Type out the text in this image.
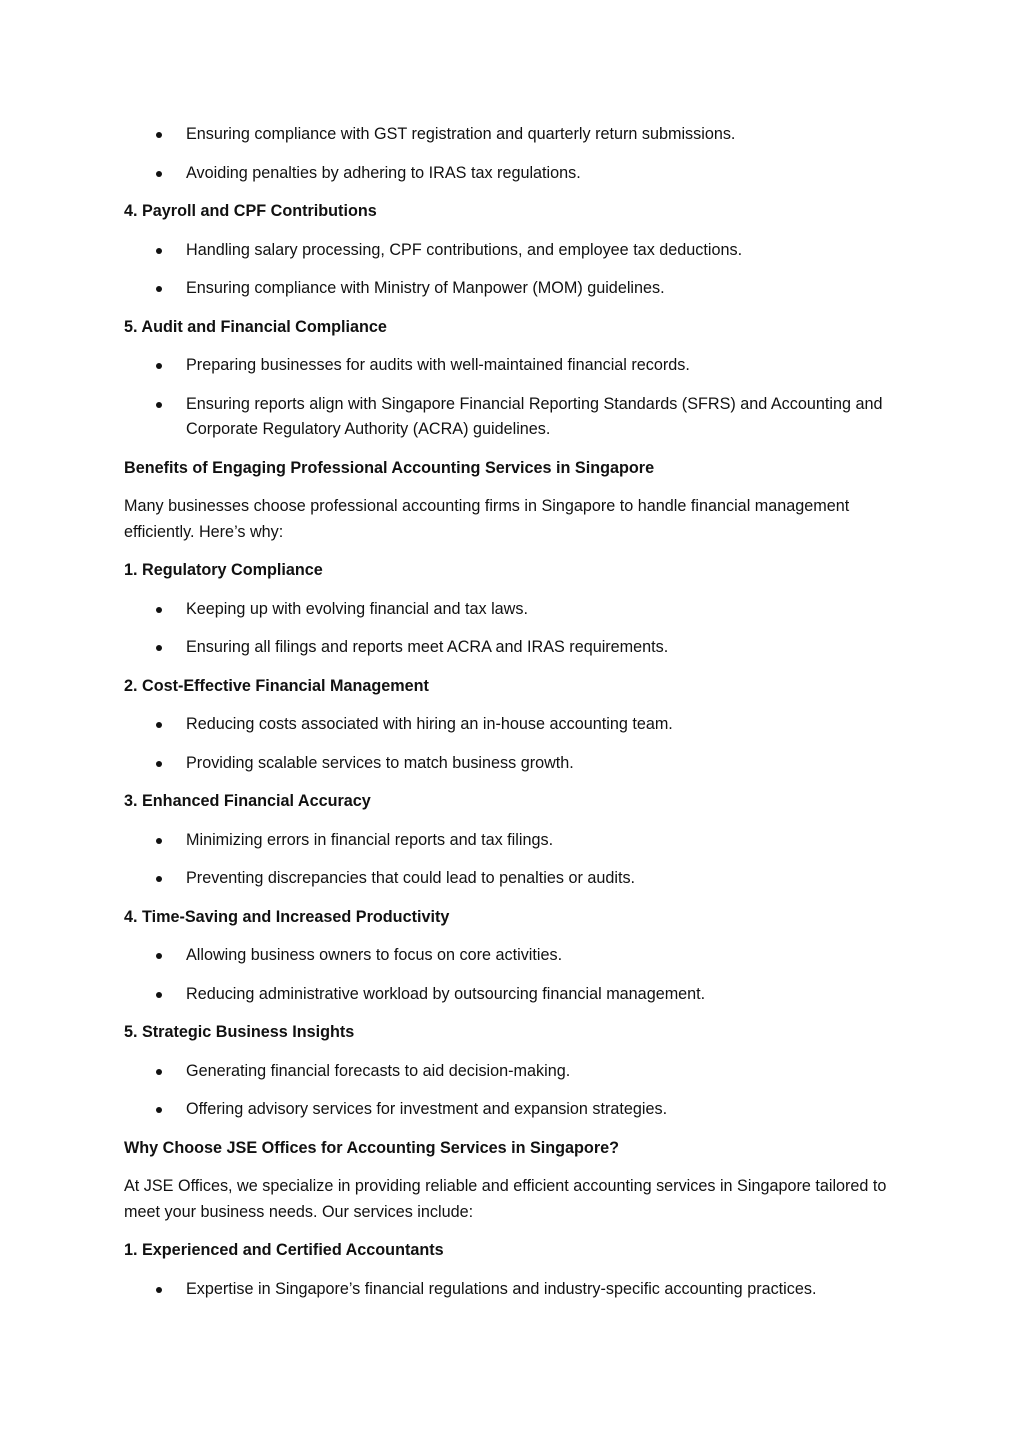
Ensuring compliance with GST registration and quarterly return submissions.
Avoiding penalties by adhering to IRAS tax regulations.

4. Payroll and CPF Contributions

Handling salary processing, CPF contributions, and employee tax deductions.
Ensuring compliance with Ministry of Manpower (MOM) guidelines.

5. Audit and Financial Compliance

Preparing businesses for audits with well-maintained financial records.
Ensuring reports align with Singapore Financial Reporting Standards (SFRS) and Accounting and Corporate Regulatory Authority (ACRA) guidelines.

Benefits of Engaging Professional Accounting Services in Singapore

Many businesses choose professional accounting firms in Singapore to handle financial management efficiently. Here’s why:

1. Regulatory Compliance

Keeping up with evolving financial and tax laws.
Ensuring all filings and reports meet ACRA and IRAS requirements.

2. Cost-Effective Financial Management

Reducing costs associated with hiring an in-house accounting team.
Providing scalable services to match business growth.

3. Enhanced Financial Accuracy

Minimizing errors in financial reports and tax filings.
Preventing discrepancies that could lead to penalties or audits.

4. Time-Saving and Increased Productivity

Allowing business owners to focus on core activities.
Reducing administrative workload by outsourcing financial management.

5. Strategic Business Insights

Generating financial forecasts to aid decision-making.
Offering advisory services for investment and expansion strategies.

Why Choose JSE Offices for Accounting Services in Singapore?

At JSE Offices, we specialize in providing reliable and efficient accounting services in Singapore tailored to meet your business needs. Our services include:

1. Experienced and Certified Accountants

Expertise in Singapore’s financial regulations and industry-specific accounting practices.
